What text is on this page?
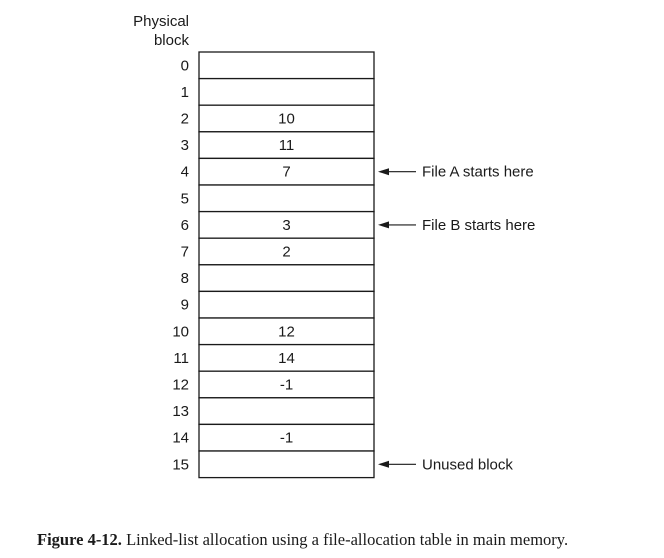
Physical
block
0
1
2	10
3	11
4	7
5
6	3
7	2
8
9
10	12
11	14
12	-1
13
14	-1
15
File A starts here
File B starts here
Unused block
Figure 4-12. Linked-list allocation using a file-allocation table in main memory.
